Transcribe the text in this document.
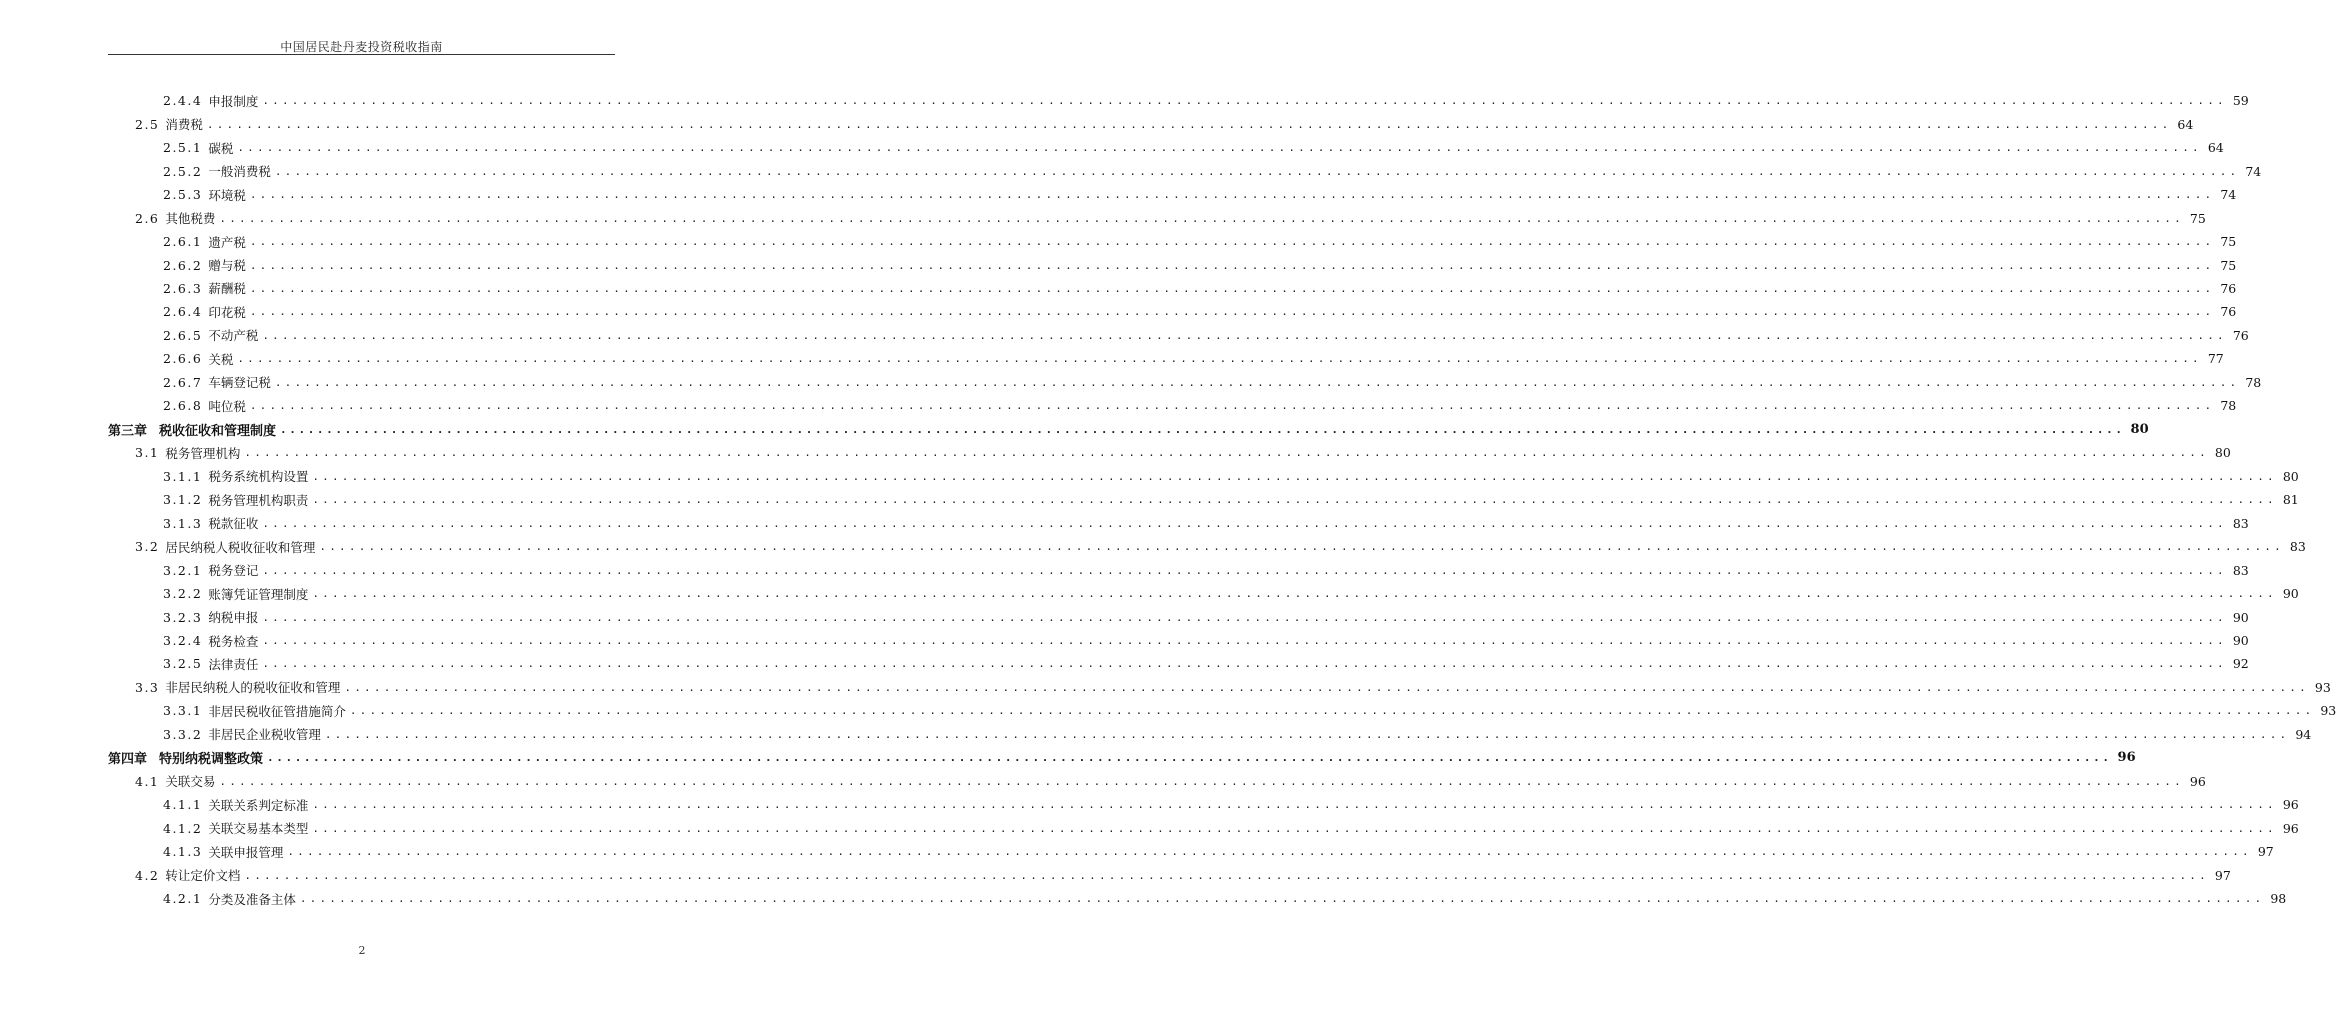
中国居民赴丹麦投资税收指南
2.4.4 申报制度 ........................................................................................................................................................................................................ 59
2.5 消费税 ........................................................................................................................................................................................................ 64
2.5.1 碳税 ........................................................................................................................................................................................................ 64
2.5.2 一般消费税 ........................................................................................................................................................................................................ 74
2.5.3 环境税 ........................................................................................................................................................................................................ 74
2.6 其他税费 ........................................................................................................................................................................................................ 75
2.6.1 遗产税 ........................................................................................................................................................................................................ 75
2.6.2 赠与税 ........................................................................................................................................................................................................ 75
2.6.3 薪酬税 ........................................................................................................................................................................................................ 76
2.6.4 印花税 ........................................................................................................................................................................................................ 76
2.6.5 不动产税 ........................................................................................................................................................................................................ 76
2.6.6 关税 ........................................................................................................................................................................................................ 77
2.6.7 车辆登记税 ........................................................................................................................................................................................................ 78
2.6.8 吨位税 ........................................................................................................................................................................................................ 78
第三章 税收征收和管理制度 ........................................................................................................................................................................................................ 80
3.1 税务管理机构 ........................................................................................................................................................................................................ 80
3.1.1 税务系统机构设置 ........................................................................................................................................................................................................ 80
3.1.2 税务管理机构职责 ........................................................................................................................................................................................................ 81
3.1.3 税款征收 ........................................................................................................................................................................................................ 83
3.2 居民纳税人税收征收和管理 ........................................................................................................................................................................................................ 83
3.2.1 税务登记 ........................................................................................................................................................................................................ 83
3.2.2 账簿凭证管理制度 ........................................................................................................................................................................................................ 90
3.2.3 纳税申报 ........................................................................................................................................................................................................ 90
3.2.4 税务检查 ........................................................................................................................................................................................................ 90
3.2.5 法律责任 ........................................................................................................................................................................................................ 92
3.3 非居民纳税人的税收征收和管理 ........................................................................................................................................................................................................ 93
3.3.1 非居民税收征管措施简介 ........................................................................................................................................................................................................ 93
3.3.2 非居民企业税收管理 ........................................................................................................................................................................................................ 94
第四章 特别纳税调整政策 ........................................................................................................................................................................................................ 96
4.1 关联交易 ........................................................................................................................................................................................................ 96
4.1.1 关联关系判定标准 ........................................................................................................................................................................................................ 96
4.1.2 关联交易基本类型 ........................................................................................................................................................................................................ 96
4.1.3 关联申报管理 ........................................................................................................................................................................................................ 97
4.2 转让定价文档 ........................................................................................................................................................................................................ 97
4.2.1 分类及准备主体 ........................................................................................................................................................................................................ 98
2
